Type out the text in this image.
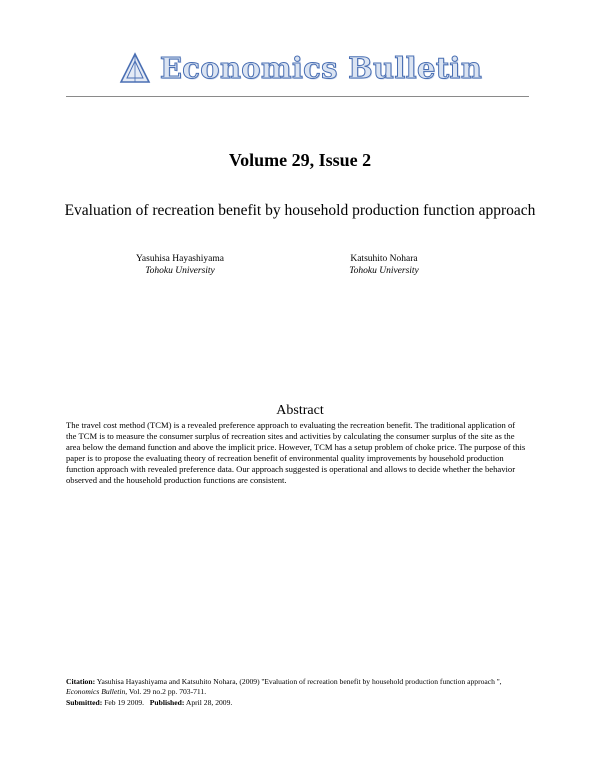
Economics Bulletin
Volume 29, Issue 2
Evaluation of recreation benefit by household production function approach
Yasuhisa Hayashiyama
Tohoku University
Katsuhito Nohara
Tohoku University
Abstract
The travel cost method (TCM) is a revealed preference approach to evaluating the recreation benefit. The traditional application of the TCM is to measure the consumer surplus of recreation sites and activities by calculating the consumer surplus of the site as the area below the demand function and above the implicit price. However, TCM has a setup problem of choke price. The purpose of this paper is to propose the evaluating theory of recreation benefit of environmental quality improvements by household production function approach with revealed preference data. Our approach suggested is operational and allows to decide whether the behavior observed and the household production functions are consistent.
Citation: Yasuhisa Hayashiyama and Katsuhito Nohara, (2009) ''Evaluation of recreation benefit by household production function approach '', Economics Bulletin, Vol. 29 no.2 pp. 703-711.
Submitted: Feb 19 2009. Published: April 28, 2009.
